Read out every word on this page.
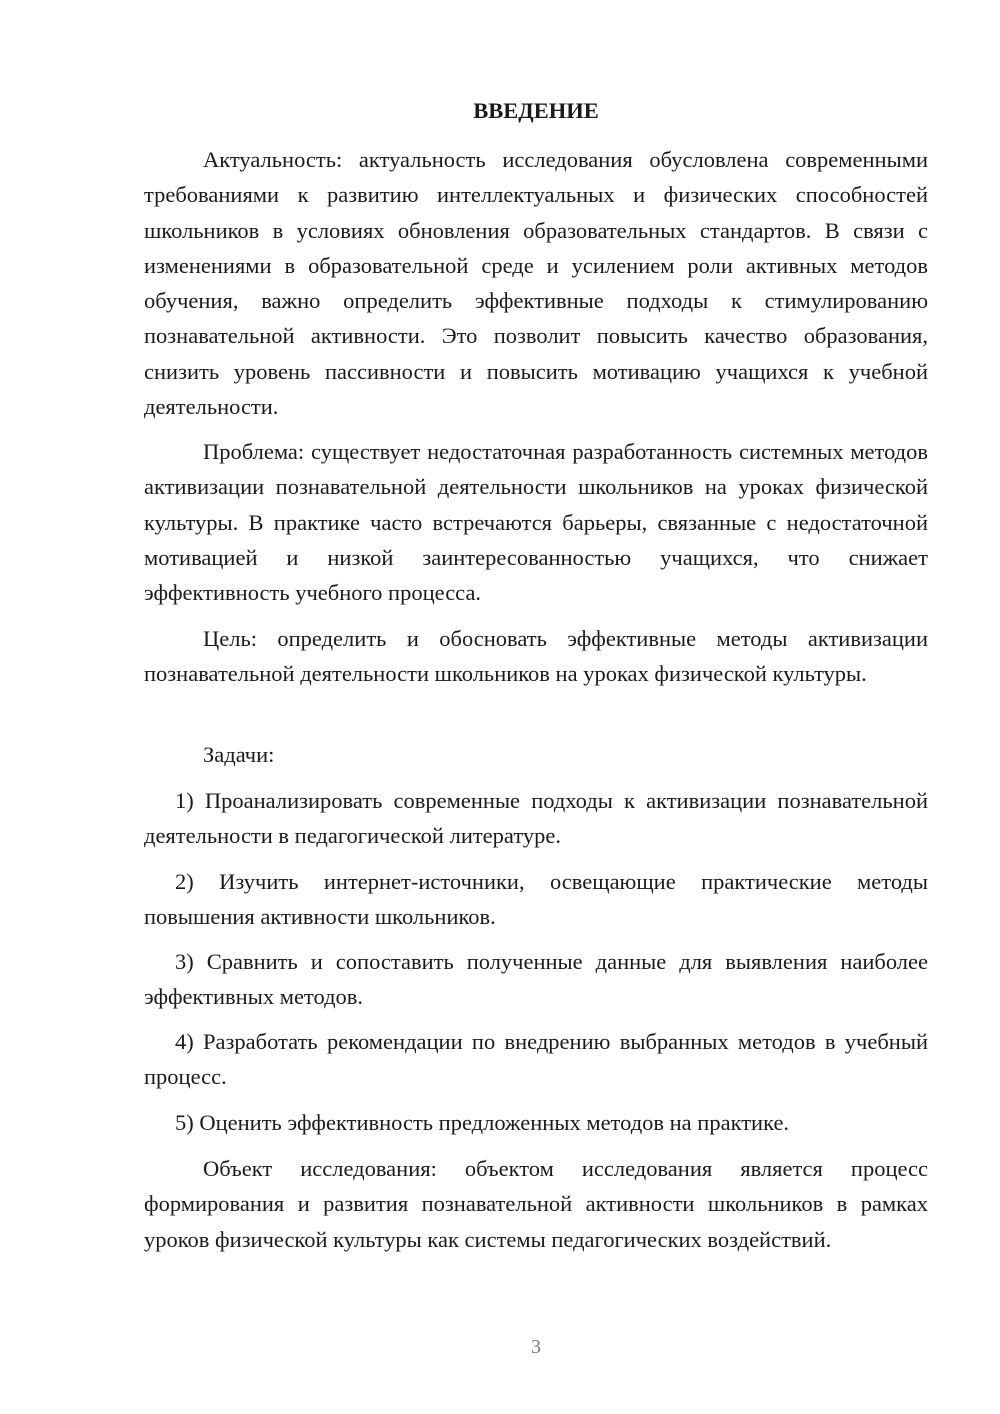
ВВЕДЕНИЕ

Актуальность: актуальность исследования обусловлена современными требованиями к развитию интеллектуальных и физических способностей школьников в условиях обновления образовательных стандартов. В связи с изменениями в образовательной среде и усилением роли активных методов обучения, важно определить эффективные подходы к стимулированию познавательной активности. Это позволит повысить качество образования, снизить уровень пассивности и повысить мотивацию учащихся к учебной деятельности.

Проблема: существует недостаточная разработанность системных методов активизации познавательной деятельности школьников на уроках физической культуры. В практике часто встречаются барьеры, связанные с недостаточной мотивацией и низкой заинтересованностью учащихся, что снижает эффективность учебного процесса.

Цель: определить и обосновать эффективные методы активизации познавательной деятельности школьников на уроках физической культуры.

Задачи:

1) Проанализировать современные подходы к активизации познавательной деятельности в педагогической литературе.

2) Изучить интернет-источники, освещающие практические методы повышения активности школьников.

3) Сравнить и сопоставить полученные данные для выявления наиболее эффективных методов.

4) Разработать рекомендации по внедрению выбранных методов в учебный процесс.

5) Оценить эффективность предложенных методов на практике.

Объект исследования: объектом исследования является процесс формирования и развития познавательной активности школьников в рамках уроков физической культуры как системы педагогических воздействий.

3
